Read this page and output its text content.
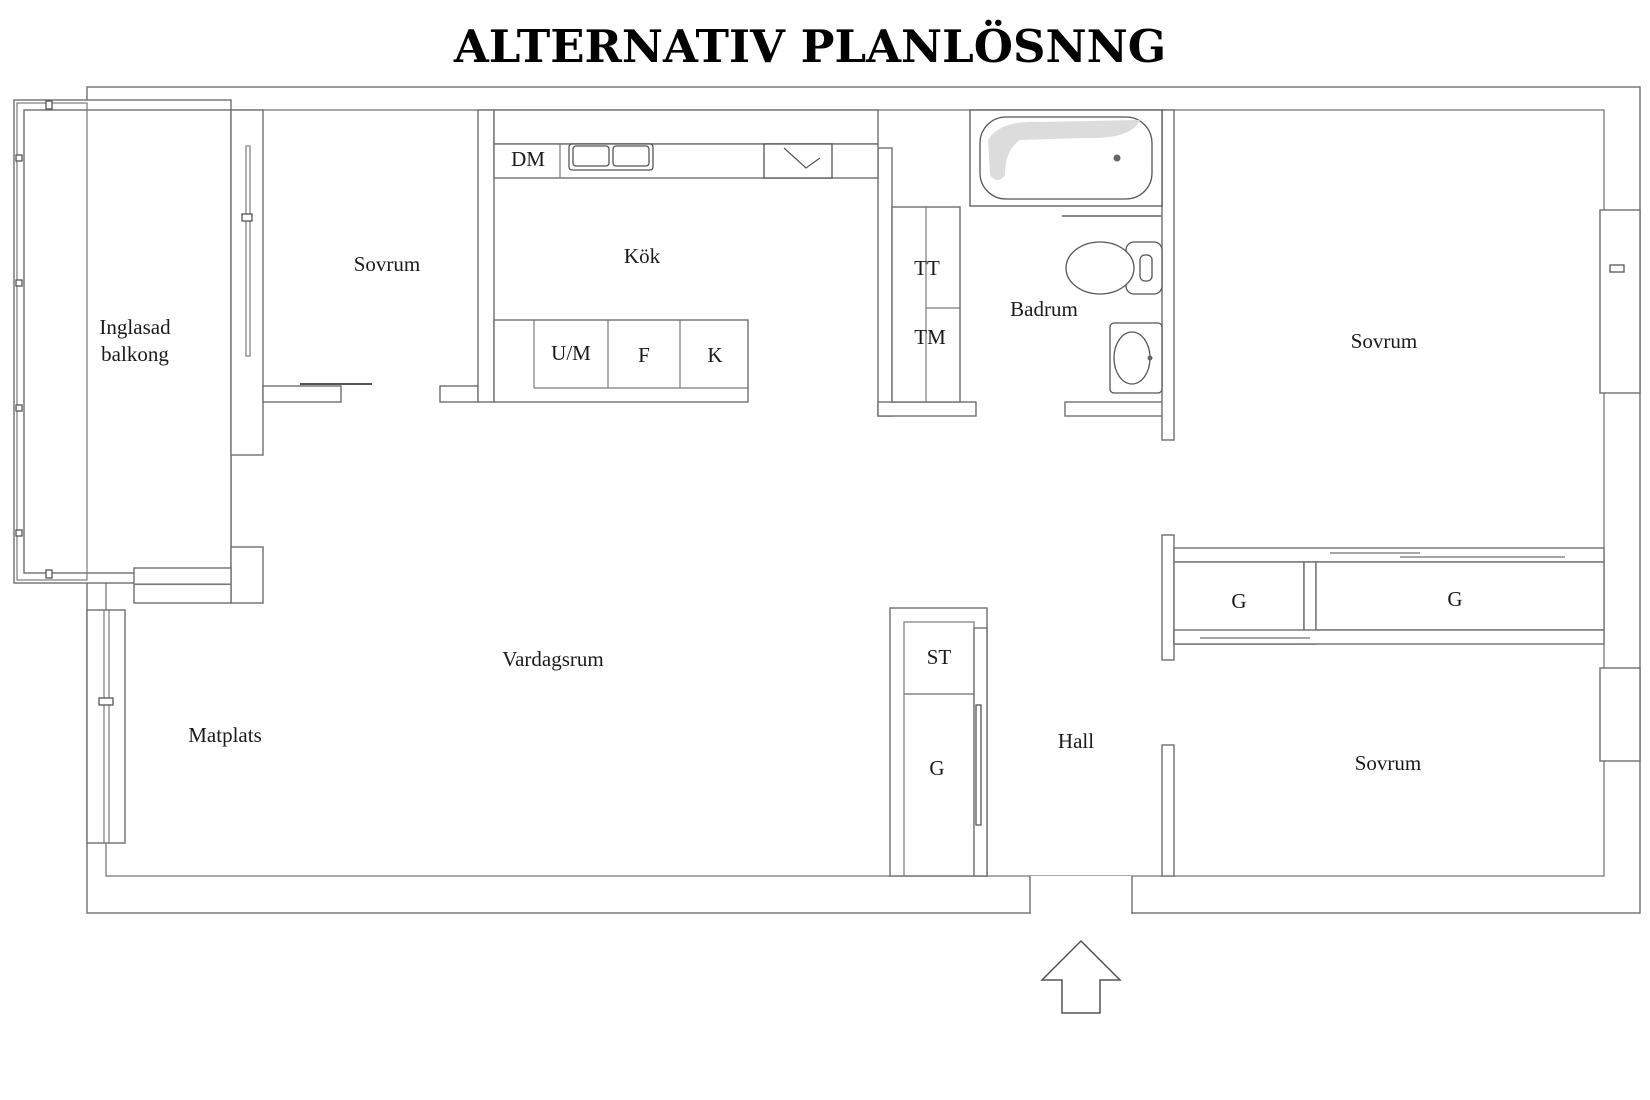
ALTERNATIV PLANLÖSNNG
Inglasad
balkong
Sovrum	Kök
DM
U/M F	K
TT
TM
Badrum
Sovrum
G	G
Vardagsrum
Matplats
ST
G
Hall
Sovrum
